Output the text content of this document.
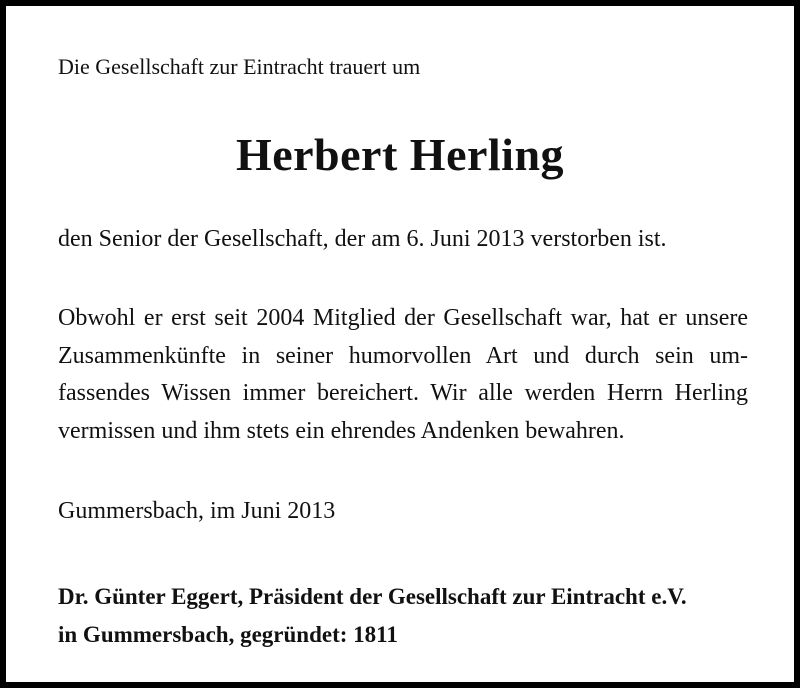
Die Gesellschaft zur Eintracht trauert um

Herbert Herling

den Senior der Gesellschaft, der am 6. Juni 2013 verstorben ist.

Obwohl er erst seit 2004 Mitglied der Gesellschaft war, hat er unsere
Zusammenkünfte in seiner humorvollen Art und durch sein um-
fassendes Wissen immer bereichert. Wir alle werden Herrn Herling
vermissen und ihm stets ein ehrendes Andenken bewahren.

Gummersbach, im Juni 2013

Dr. Günter Eggert, Präsident der Gesellschaft zur Eintracht e.V.
in Gummersbach, gegründet: 1811
